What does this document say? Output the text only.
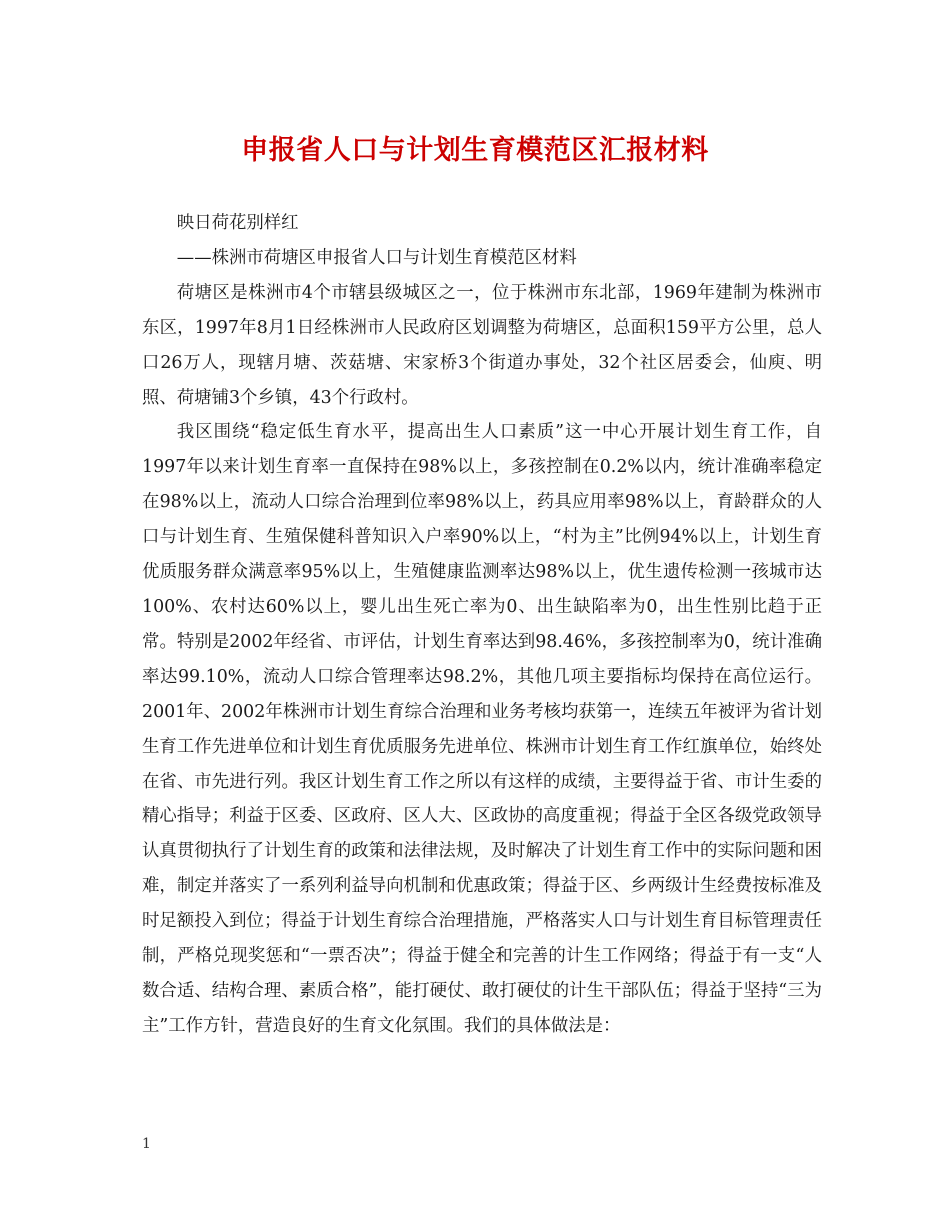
申报省人口与计划生育模范区汇报材料

映日荷花别样红

——株洲市荷塘区申报省人口与计划生育模范区材料

荷塘区是株洲市4个市辖县级城区之一，位于株洲市东北部，1969年建制为株洲市东区，1997年8月1日经株洲市人民政府区划调整为荷塘区，总面积159平方公里，总人口26万人，现辖月塘、茨菇塘、宋家桥3个街道办事处，32个社区居委会，仙庾、明照、荷塘铺3个乡镇，43个行政村。

我区围绕“稳定低生育水平，提高出生人口素质”这一中心开展计划生育工作，自1997年以来计划生育率一直保持在98%以上，多孩控制在0.2%以内，统计准确率稳定在98%以上，流动人口综合治理到位率98%以上，药具应用率98%以上，育龄群众的人口与计划生育、生殖保健科普知识入户率90%以上，“村为主”比例94%以上，计划生育优质服务群众满意率95%以上，生殖健康监测率达98%以上，优生遗传检测一孩城市达100%、农村达60%以上，婴儿出生死亡率为0、出生缺陷率为0，出生性别比趋于正常。特别是2002年经省、市评估，计划生育率达到98.46%，多孩控制率为0，统计准确率达99.10%，流动人口综合管理率达98.2%，其他几项主要指标均保持在高位运行。2001年、2002年株洲市计划生育综合治理和业务考核均获第一，连续五年被评为省计划生育工作先进单位和计划生育优质服务先进单位、株洲市计划生育工作红旗单位，始终处在省、市先进行列。我区计划生育工作之所以有这样的成绩，主要得益于省、市计生委的精心指导；利益于区委、区政府、区人大、区政协的高度重视；得益于全区各级党政领导认真贯彻执行了计划生育的政策和法律法规，及时解决了计划生育工作中的实际问题和困难，制定并落实了一系列利益导向机制和优惠政策；得益于区、乡两级计生经费按标准及时足额投入到位；得益于计划生育综合治理措施，严格落实人口与计划生育目标管理责任制，严格兑现奖惩和“一票否决”；得益于健全和完善的计生工作网络；得益于有一支“人数合适、结构合理、素质合格”，能打硬仗、敢打硬仗的计生干部队伍；得益于坚持“三为主”工作方针，营造良好的生育文化氛围。我们的具体做法是：

1
